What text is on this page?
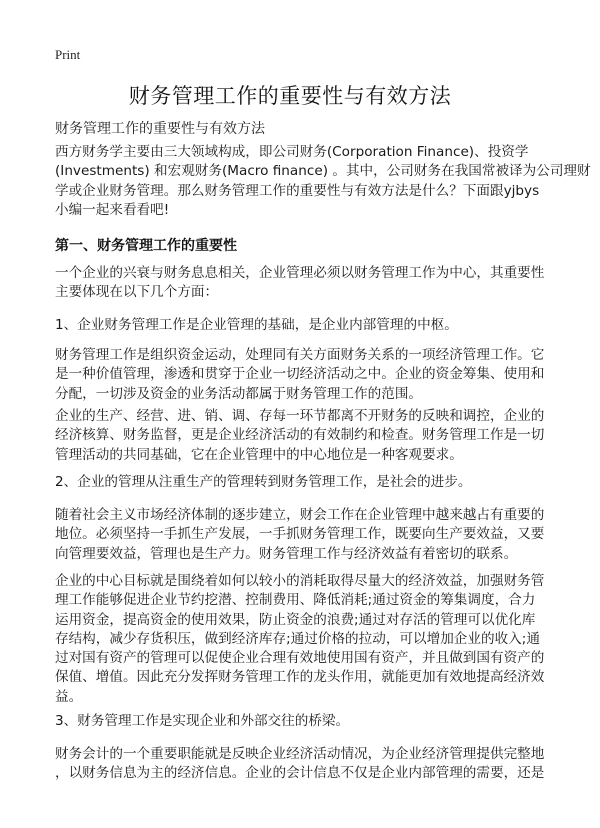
Print
财务管理工作的重要性与有效方法
财务管理工作的重要性与有效方法

西方财务学主要由三大领域构成，即公司财务(Corporation Finance)、投资学
(Investments) 和宏观财务(Macro finance) 。其中，公司财务在我国常被译为公司理财
学或企业财务管理。那么财务管理工作的重要性与有效方法是什么？下面跟yjbys
小编一起来看看吧!

第一、财务管理工作的重要性

一个企业的兴衰与财务息息相关，企业管理必须以财务管理工作为中心，其重要性
主要体现在以下几个方面：

1、企业财务管理工作是企业管理的基础，是企业内部管理的中枢。

财务管理工作是组织资金运动，处理同有关方面财务关系的一项经济管理工作。它
是一种价值管理，渗透和贯穿于企业一切经济活动之中。企业的资金筹集、使用和
分配，一切涉及资金的业务活动都属于财务管理工作的范围。

企业的生产、经营、进、销、调、存每一环节都离不开财务的反映和调控，企业的
经济核算、财务监督，更是企业经济活动的有效制约和检查。财务管理工作是一切
管理活动的共同基础，它在企业管理中的中心地位是一种客观要求。

2、企业的管理从注重生产的管理转到财务管理工作，是社会的进步。

随着社会主义市场经济体制的逐步建立，财会工作在企业管理中越来越占有重要的
地位。必须坚持一手抓生产发展，一手抓财务管理工作，既要向生产要效益，又要
向管理要效益，管理也是生产力。财务管理工作与经济效益有着密切的联系。

企业的中心目标就是围绕着如何以较小的消耗取得尽量大的经济效益，加强财务管
理工作能够促进企业节约挖潜、控制费用、降低消耗;通过资金的筹集调度，合力
运用资金，提高资金的使用效果，防止资金的浪费;通过对存活的管理可以优化库
存结构，减少存货积压，做到经济库存;通过价格的拉动，可以增加企业的收入;通
过对国有资产的管理可以促使企业合理有效地使用国有资产，并且做到国有资产的
保值、增值。因此充分发挥财务管理工作的龙头作用，就能更加有效地提高经济效
益。

3、财务管理工作是实现企业和外部交往的桥梁。

财务会计的一个重要职能就是反映企业经济活动情况，为企业经济管理提供完整地
，以财务信息为主的经济信息。企业的会计信息不仅是企业内部管理的需要，还是
